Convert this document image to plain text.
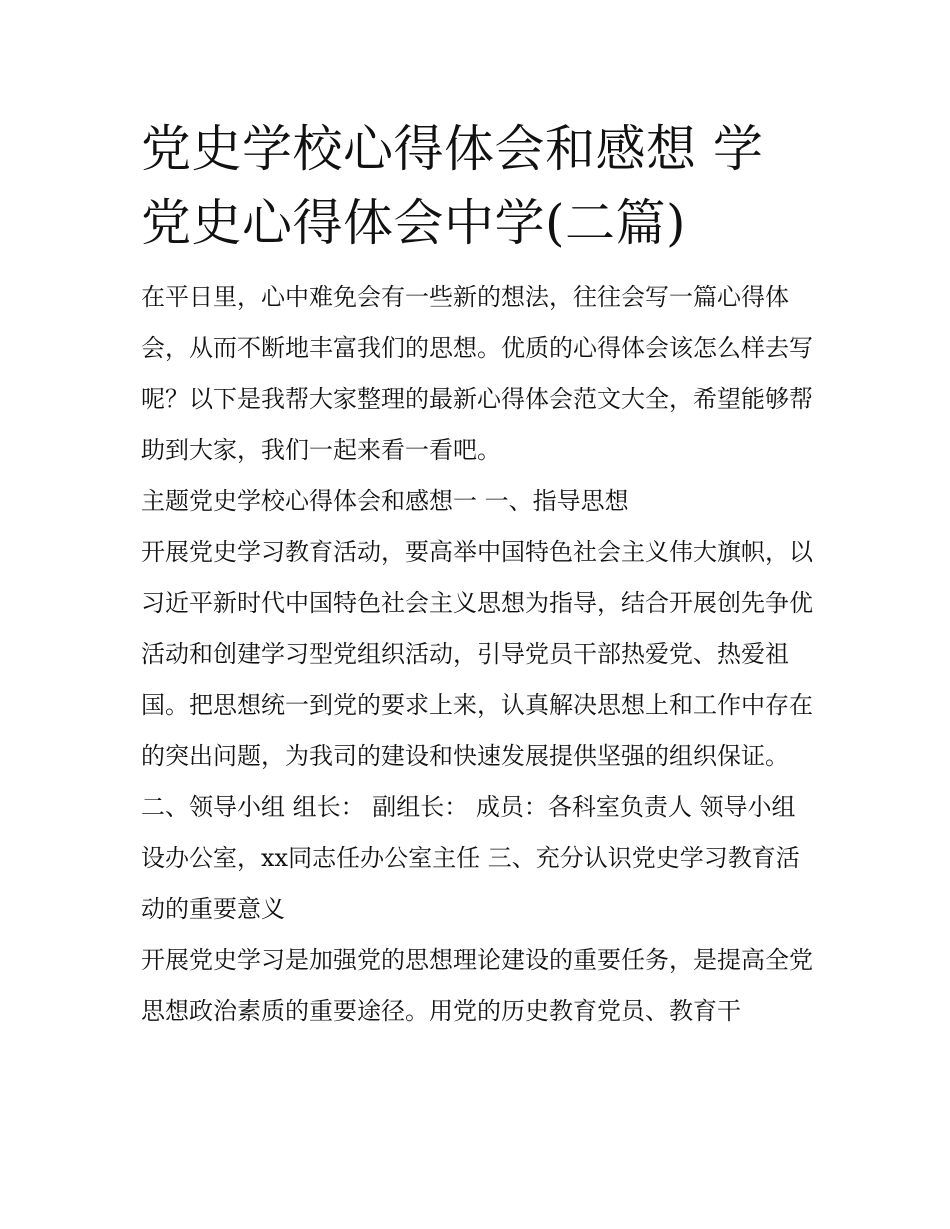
党史学校心得体会和感想 学党史心得体会中学(二篇)

在平日里，心中难免会有一些新的想法，往往会写一篇心得体会，从而不断地丰富我们的思想。优质的心得体会该怎么样去写呢？以下是我帮大家整理的最新心得体会范文大全，希望能够帮助到大家，我们一起来看一看吧。

主题党史学校心得体会和感想一 一、指导思想

开展党史学习教育活动，要高举中国特色社会主义伟大旗帜，以习近平新时代中国特色社会主义思想为指导，结合开展创先争优活动和创建学习型党组织活动，引导党员干部热爱党、热爱祖国。把思想统一到党的要求上来，认真解决思想上和工作中存在的突出问题，为我司的建设和快速发展提供坚强的组织保证。

二、领导小组 组长： 副组长： 成员：各科室负责人 领导小组设办公室，xx同志任办公室主任 三、充分认识党史学习教育活动的重要意义

开展党史学习是加强党的思想理论建设的重要任务，是提高全党思想政治素质的重要途径。用党的历史教育党员、教育干
